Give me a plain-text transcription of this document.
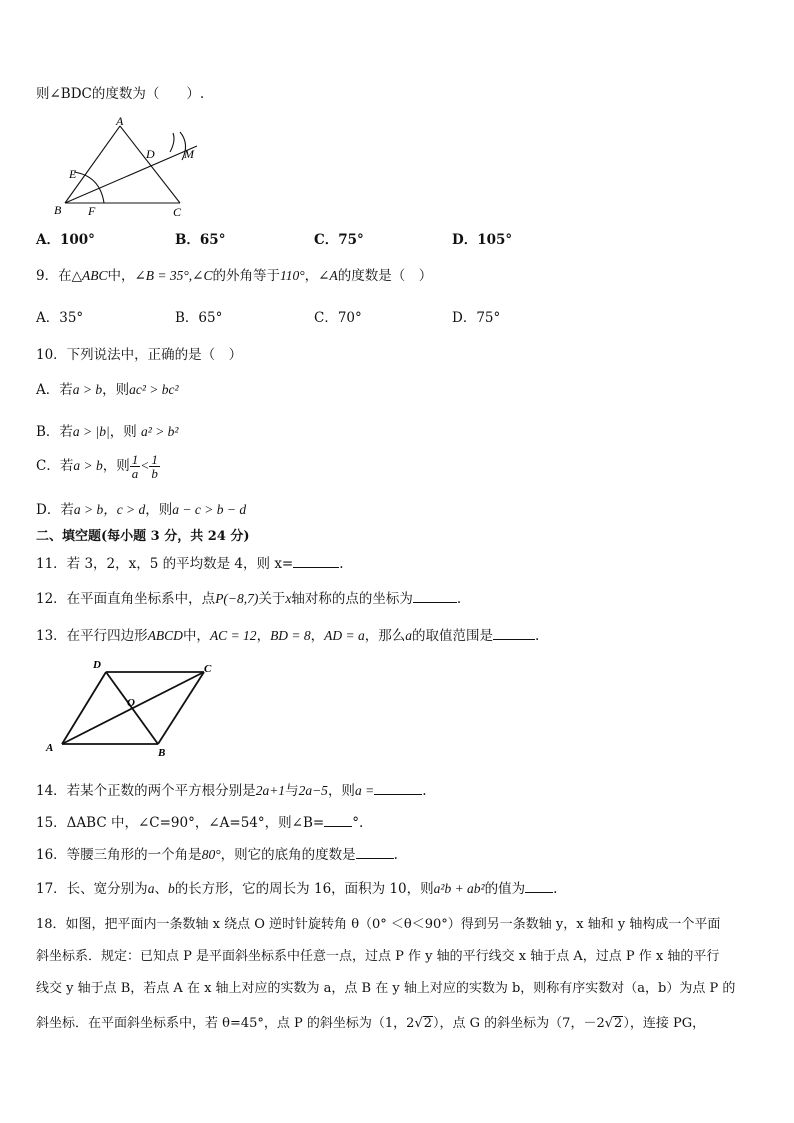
则∠BDC的度数为（　　）.
A
B	C
D
E
F
M
A．100°	B．65°	C．75°	D．105°
9．在△ABC中，∠B = 35°,∠C的外角等于110°，∠A的度数是（　）
A．35°	B．65°	C．70°	D．75°
10．下列说法中，正确的是（　）
A．若a > b，则ac² > bc²
B．若a > |b|，则 a² > b²
C．若a > b，则 $\frac{1}{a} < \frac{1}{b}$
D．若a > b，c > d，则a − c > b − d
二、填空题(每小题 3 分，共 24 分)
11．若 3，2，x，5 的平均数是 4，则 x=	.
12．在平面直角坐标系中，点P(−8,7)关于x轴对称的点的坐标为	.
13．在平行四边形ABCD中，AC = 12，BD = 8，AD = a，那么a的取值范围是	.
D	C
A	B
O
14．若某个正数的两个平方根分别是2a+1与2a−5，则a =	.
15．ΔABC 中，∠C=90°，∠A=54°，则∠B= °.
16．等腰三角形的一个角是80°，则它的底角的度数是	.
17．长、宽分别为a、b的长方形，它的周长为 16，面积为 10，则a²b + ab²的值为 .
18．如图，把平面内一条数轴 x 绕点 O 逆时针旋转角 θ（0° ＜θ＜90°）得到另一条数轴 y，x 轴和 y 轴构成一个平面
斜坐标系．规定：已知点 P 是平面斜坐标系中任意一点，过点 P 作 y 轴的平行线交 x 轴于点 A，过点 P 作 x 轴的平行
线交 y 轴于点 B，若点 A 在 x 轴上对应的实数为 a，点 B 在 y 轴上对应的实数为 b，则称有序实数对（a，b）为点 P 的
斜坐标．在平面斜坐标系中，若 θ=45°，点 P 的斜坐标为（1，2√2），点 G 的斜坐标为（7，－2√2），连接 PG，
